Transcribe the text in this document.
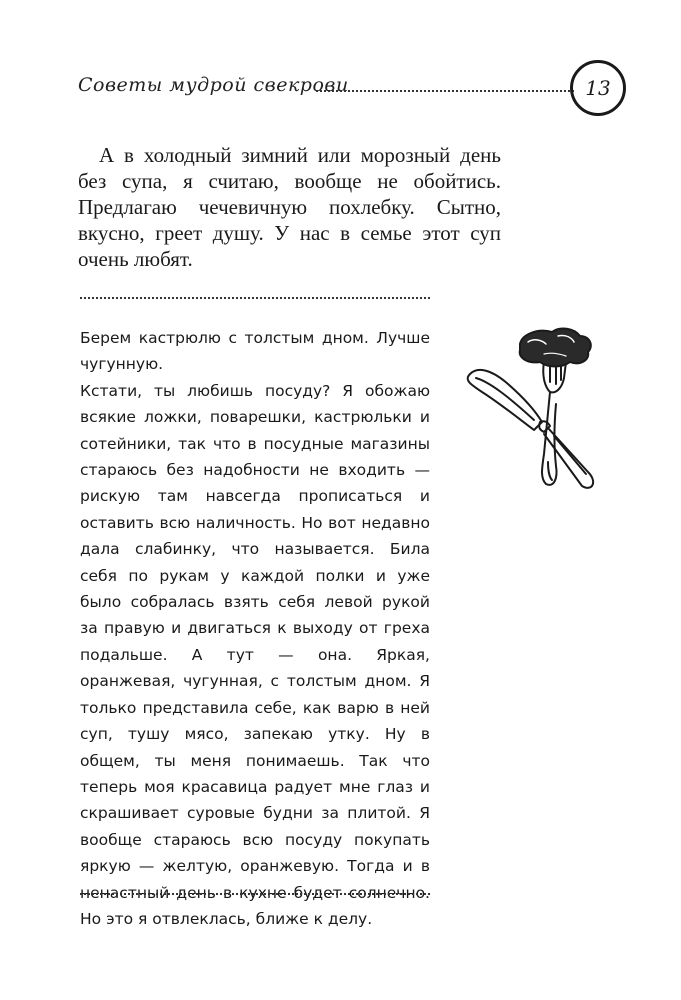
Советы мудрой свекрови	13

А в холодный зимний или морозный день без супа, я считаю, вообще не обойтись. Предлагаю чечевичную похлебку. Сытно, вкусно, греет душу. У нас в семье этот суп очень любят.

Берем кастрюлю с толстым дном. Лучше чугунную.

Кстати, ты любишь посуду? Я обожаю всякие ложки, поварешки, кастрюльки и сотейники, так что в посудные магазины стараюсь без надобности не входить — рискую там навсегда прописаться и оставить всю наличность. Но вот недавно дала слабинку, что называется. Била себя по рукам у каждой полки и уже было собралась взять себя левой рукой за правую и двигаться к выходу от греха подальше. А тут — она. Яркая, оранжевая, чугунная, с толстым дном. Я только представила себе, как варю в ней суп, тушу мясо, запекаю утку. Ну в общем, ты меня понимаешь. Так что теперь моя красавица радует мне глаз и скрашивает суровые будни за плитой. Я вообще стараюсь всю посуду покупать яркую — желтую, оранжевую. Тогда и в ненастный день в кухне будет солнечно. Но это я отвлеклась, ближе к делу.
